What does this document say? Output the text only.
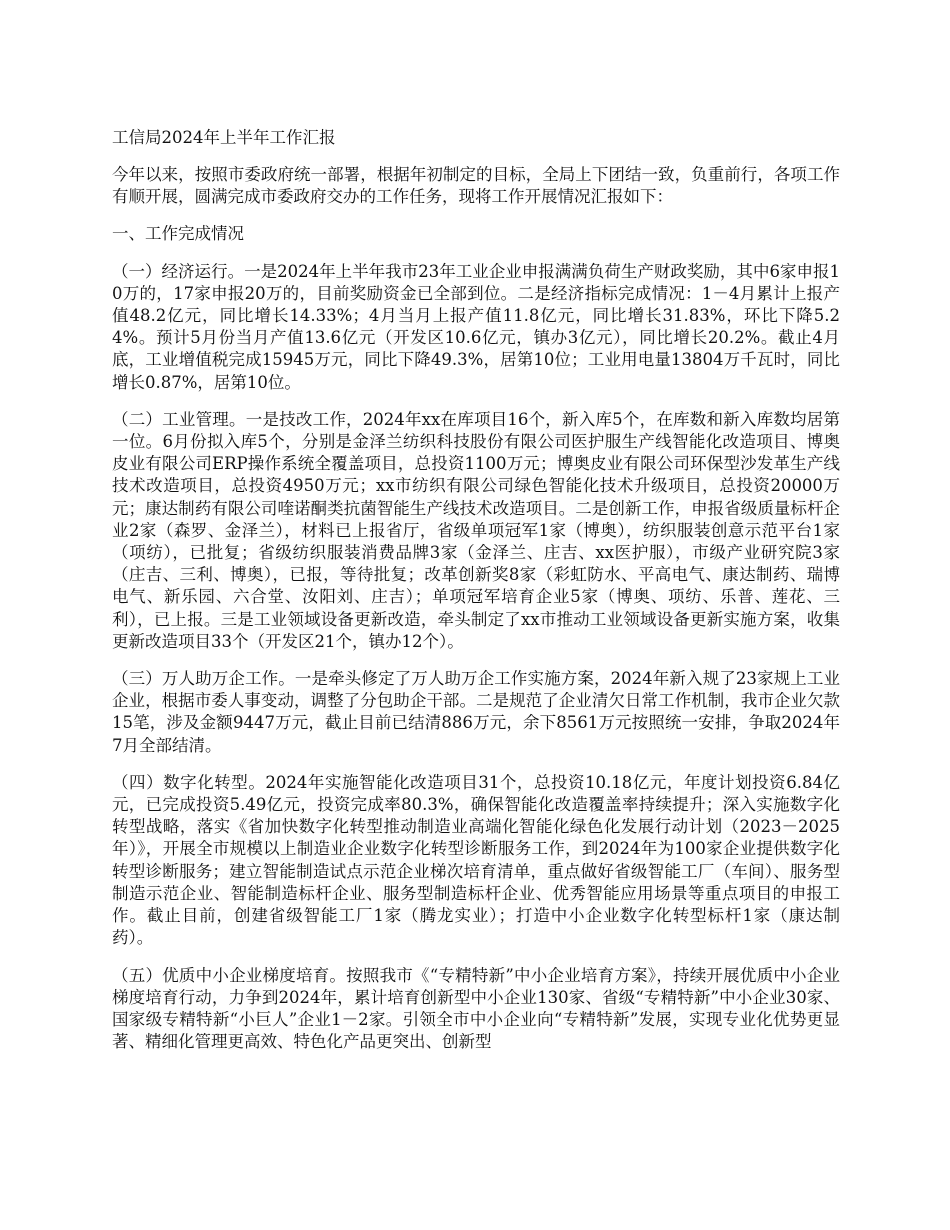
工信局2024年上半年工作汇报

今年以来，按照市委政府统一部署，根据年初制定的目标，全局上下团结一致，负重前行，各项工作有顺开展，圆满完成市委政府交办的工作任务，现将工作开展情况汇报如下：

一、工作完成情况

（一）经济运行。一是2024年上半年我市23年工业企业申报满满负荷生产财政奖励，其中6家申报10万的，17家申报20万的，目前奖励资金已全部到位。二是经济指标完成情况：1－4月累计上报产值48.2亿元，同比增长14.33%；4月当月上报产值11.8亿元，同比增长31.83%，环比下降5.24%。预计5月份当月产值13.6亿元（开发区10.6亿元，镇办3亿元），同比增长20.2%。截止4月底，工业增值税完成15945万元，同比下降49.3%，居第10位；工业用电量13804万千瓦时，同比增长0.87%，居第10位。

（二）工业管理。一是技改工作，2024年xx在库项目16个，新入库5个，在库数和新入库数均居第一位。6月份拟入库5个，分别是金泽兰纺织科技股份有限公司医护服生产线智能化改造项目、博奥皮业有限公司ERP操作系统全覆盖项目，总投资1100万元；博奥皮业有限公司环保型沙发革生产线技术改造项目，总投资4950万元；xx市纺织有限公司绿色智能化技术升级项目，总投资20000万元；康达制药有限公司喹诺酮类抗菌智能生产线技术改造项目。二是创新工作，申报省级质量标杆企业2家（森罗、金泽兰），材料已上报省厅，省级单项冠军1家（博奥），纺织服装创意示范平台1家（项纺），已批复；省级纺织服装消费品牌3家（金泽兰、庄吉、xx医护服），市级产业研究院3家（庄吉、三利、博奥），已报，等待批复；改革创新奖8家（彩虹防水、平高电气、康达制药、瑞博电气、新乐园、六合堂、汝阳刘、庄吉）；单项冠军培育企业5家（博奥、项纺、乐普、莲花、三利），已上报。三是工业领域设备更新改造，牵头制定了xx市推动工业领域设备更新实施方案，收集更新改造项目33个（开发区21个，镇办12个）。

（三）万人助万企工作。一是牵头修定了万人助万企工作实施方案，2024年新入规了23家规上工业企业，根据市委人事变动，调整了分包助企干部。二是规范了企业清欠日常工作机制，我市企业欠款15笔，涉及金额9447万元，截止目前已结清886万元，余下8561万元按照统一安排，争取2024年7月全部结清。

（四）数字化转型。2024年实施智能化改造项目31个，总投资10.18亿元，年度计划投资6.84亿元，已完成投资5.49亿元，投资完成率80.3%，确保智能化改造覆盖率持续提升；深入实施数字化转型战略，落实《省加快数字化转型推动制造业高端化智能化绿色化发展行动计划（2023－2025年）》，开展全市规模以上制造业企业数字化转型诊断服务工作，到2024年为100家企业提供数字化转型诊断服务；建立智能制造试点示范企业梯次培育清单，重点做好省级智能工厂（车间）、服务型制造示范企业、智能制造标杆企业、服务型制造标杆企业、优秀智能应用场景等重点项目的申报工作。截止目前，创建省级智能工厂1家（腾龙实业）；打造中小企业数字化转型标杆1家（康达制药）。

（五）优质中小企业梯度培育。按照我市《“专精特新”中小企业培育方案》，持续开展优质中小企业梯度培育行动，力争到2024年，累计培育创新型中小企业130家、省级“专精特新”中小企业30家、国家级专精特新“小巨人”企业1－2家。引领全市中小企业向“专精特新”发展，实现专业化优势更显著、精细化管理更高效、特色化产品更突出、创新型
